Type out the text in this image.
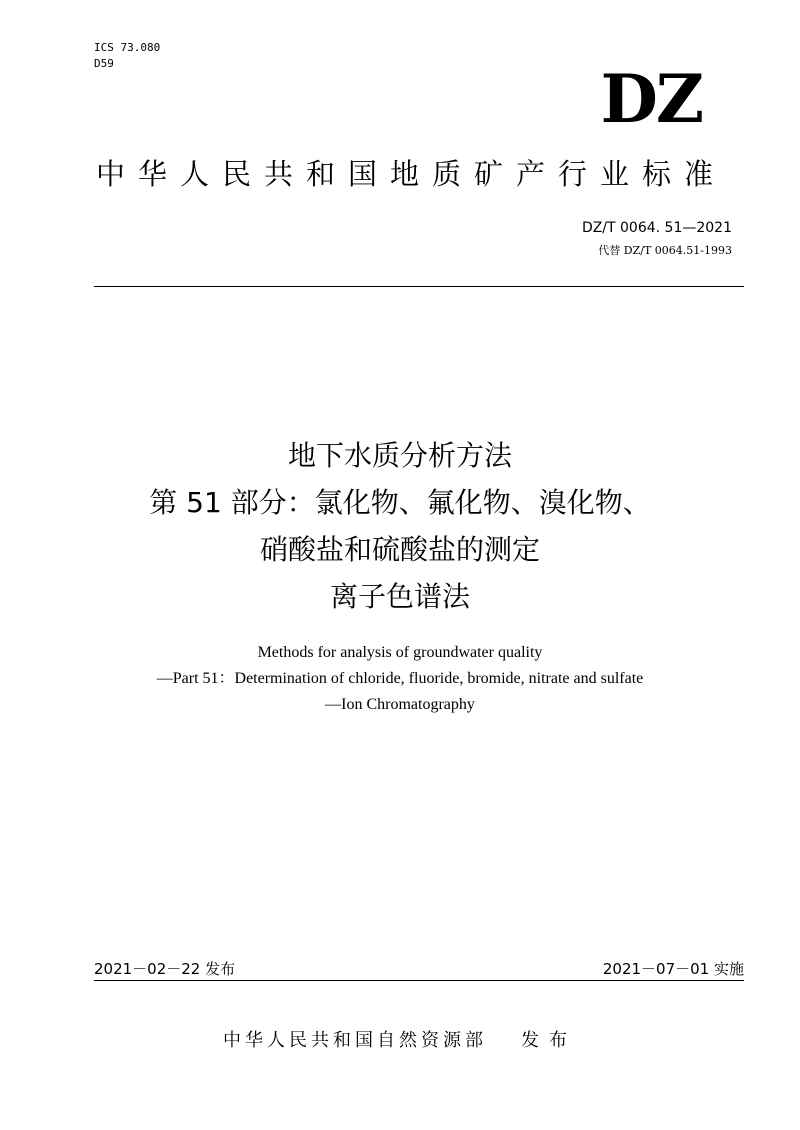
ICS 73.080
D59	DZ
中华人民共和国地质矿产行业标准
DZ/T 0064. 51—2021
代替 DZ/T 0064.51-1993
地下水质分析方法
第 51 部分：氯化物、氟化物、溴化物、
硝酸盐和硫酸盐的测定
离子色谱法
Methods for analysis of groundwater quality
—Part 51：Determination of chloride, fluoride, bromide, nitrate and sulfate
—Ion Chromatography
2021－02－22 发布	2021－07－01 实施
中华人民共和国自然资源部 发布
